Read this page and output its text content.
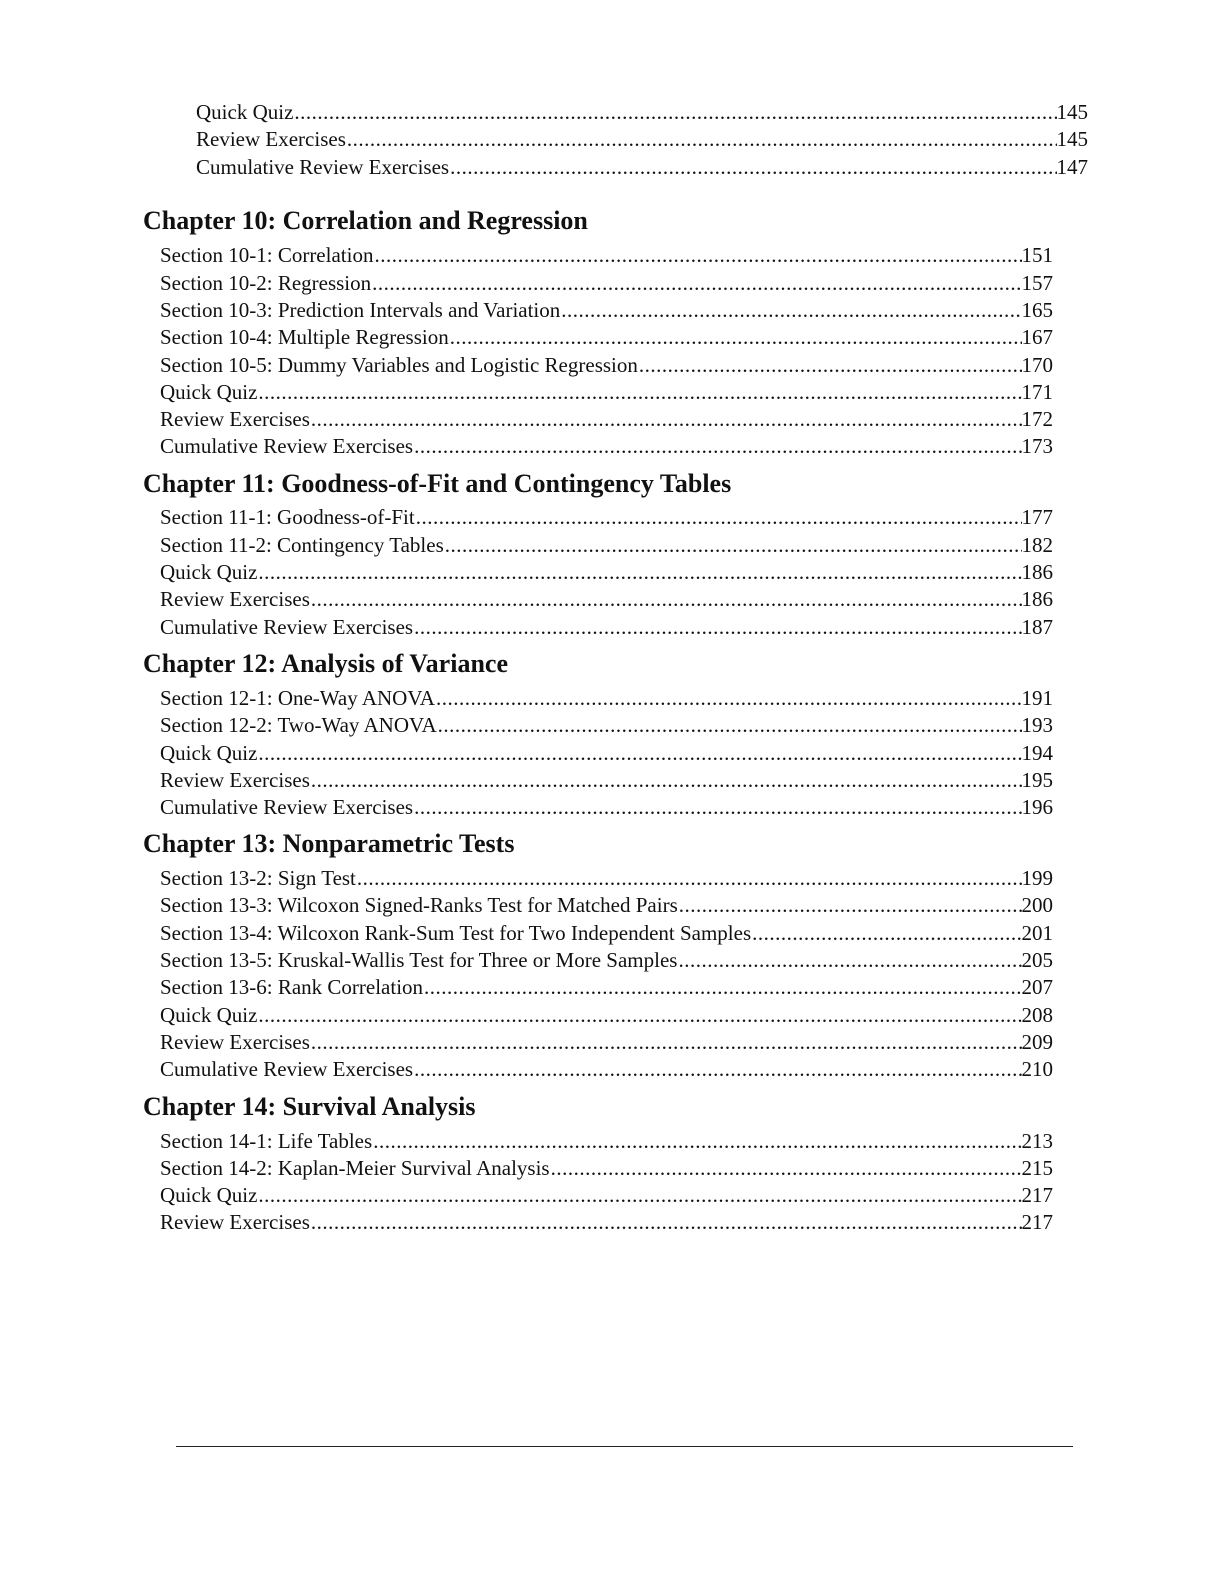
Quick Quiz .....	145
Review Exercises .....	145
Cumulative Review Exercises .....	147
Chapter 10: Correlation and Regression
Section 10-1: Correlation .....	151
Section 10-2: Regression .....	157
Section 10-3: Prediction Intervals and Variation .....	165
Section 10-4: Multiple Regression .....	167
Section 10-5: Dummy Variables and Logistic Regression .....	170
Quick Quiz .....	171
Review Exercises .....	172
Cumulative Review Exercises .....	173
Chapter 11: Goodness-of-Fit and Contingency Tables
Section 11-1: Goodness-of-Fit .....	177
Section 11-2: Contingency Tables .....	182
Quick Quiz .....	186
Review Exercises .....	186
Cumulative Review Exercises .....	187
Chapter 12: Analysis of Variance
Section 12-1: One-Way ANOVA .....	191
Section 12-2: Two-Way ANOVA .....	193
Quick Quiz .....	194
Review Exercises .....	195
Cumulative Review Exercises .....	196
Chapter 13: Nonparametric Tests
Section 13-2: Sign Test .....	199
Section 13-3: Wilcoxon Signed-Ranks Test for Matched Pairs .....	200
Section 13-4: Wilcoxon Rank-Sum Test for Two Independent Samples .....	201
Section 13-5: Kruskal-Wallis Test for Three or More Samples .....	205
Section 13-6: Rank Correlation .....	207
Quick Quiz .....	208
Review Exercises .....	209
Cumulative Review Exercises .....	210
Chapter 14: Survival Analysis
Section 14-1: Life Tables .....	213
Section 14-2: Kaplan-Meier Survival Analysis .....	215
Quick Quiz .....	217
Review Exercises .....	217
